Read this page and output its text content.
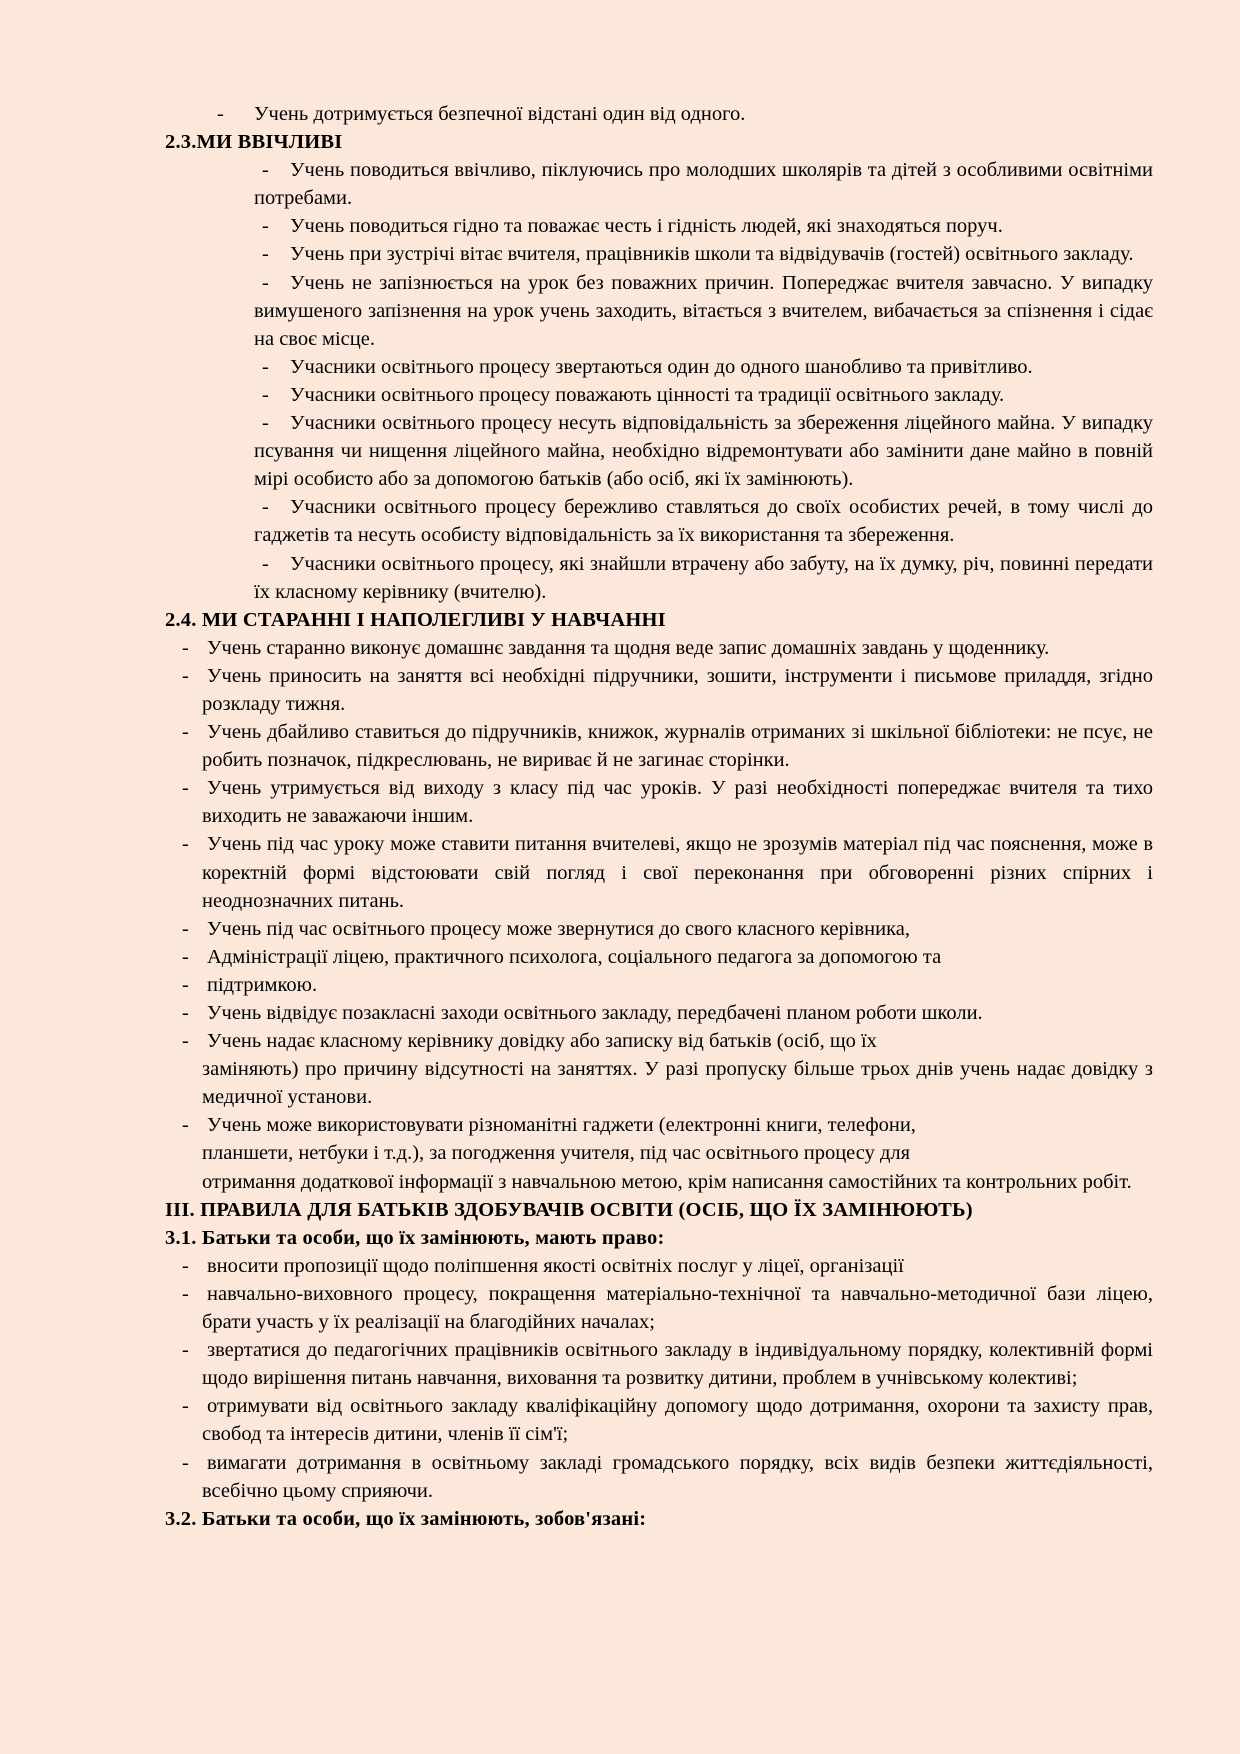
- Учень дотримується безпечної відстані один від одного.

2.3.МИ ВВІЧЛИВІ
-	Учень поводиться ввічливо, піклуючись про молодших школярів та дітей з особливими освітніми потребами.

-	Учень поводиться гідно та поважає честь і гідність людей, які знаходяться поруч.

-	Учень при зустрічі вітає вчителя, працівників школи та відвідувачів (гостей) освітнього закладу.

-	Учень не запізнюється на урок без поважних причин. Попереджає вчителя завчасно. У випадку вимушеного запізнення на урок учень заходить, вітається з вчителем, вибачається за спізнення і сідає на своє місце.

-	Учасники освітнього процесу звертаються один до одного шанобливо та привітливо.

-	Учасники освітнього процесу поважають цінності та традиції освітнього закладу.

-	Учасники освітнього процесу несуть відповідальність за збереження ліцейного майна. У випадку псування чи нищення ліцейного майна, необхідно відремонтувати або замінити дане майно в повній мірі особисто або за допомогою батьків (або осіб, які їх замінюють).

-	Учасники освітнього процесу бережливо ставляться до своїх особистих речей, в тому числі до гаджетів та несуть особисту відповідальність за їх використання та збереження.

-	Учасники освітнього процесу, які знайшли втрачену або забуту, на їх думку, річ, повинні передати їх класному керівнику (вчителю).

2.4. МИ СТАРАННІ І НАПОЛЕГЛИВІ У НАВЧАННІ
- Учень старанно виконує домашнє завдання та щодня веде запис домашніх завдань у щоденнику.

- Учень приносить на заняття всі необхідні підручники, зошити, інструменти і письмове приладдя, згідно розкладу тижня.

- Учень дбайливо ставиться до підручників, книжок, журналів отриманих зі шкільної бібліотеки: не псує, не робить позначок, підкреслювань, не вириває й не загинає сторінки.

- Учень утримується від виходу з класу під час уроків. У разі необхідності попереджає вчителя та тихо виходить не заважаючи іншим.

- Учень під час уроку може ставити питання вчителеві, якщо не зрозумів матеріал під час пояснення, може в коректній формі відстоювати свій погляд і свої переконання при обговоренні різних спірних і неоднозначних питань.

- Учень під час освітнього процесу може звернутися до свого класного керівника,

- Адміністрації ліцею, практичного психолога, соціального педагога за допомогою та

- підтримкою.

- Учень відвідує позакласні заходи освітнього закладу, передбачені планом роботи школи.

- Учень надає класному керівнику довідку або записку від батьків (осіб, що їх
заміняють) про причину відсутності на заняттях. У разі пропуску більше трьох днів учень надає довідку з медичної установи.

- Учень може використовувати різноманітні гаджети (електронні книги, телефони,
планшети, нетбуки і т.д.), за погодження учителя, під час освітнього процесу для
отримання додаткової інформації з навчальною метою, крім написання самостійних та контрольних робіт.

ІІІ. ПРАВИЛА ДЛЯ БАТЬКІВ ЗДОБУВАЧІВ ОСВІТИ (ОСІБ, ЩО ЇХ ЗАМІНЮЮТЬ)
3.1. Батьки та особи, що їх замінюють, мають право:
- вносити пропозиції щодо поліпшення якості освітніх послуг у ліцеї, організації

- навчально-виховного процесу, покращення матеріально-технічної та навчально-методичної бази ліцею, брати участь у їх реалізації на благодійних началах;

- звертатися до педагогічних працівників освітнього закладу в індивідуальному порядку, колективній формі щодо вирішення питань навчання, виховання та розвитку дитини, проблем в учнівському колективі;

- отримувати від освітнього закладу кваліфікаційну допомогу щодо дотримання, охорони та захисту прав, свобод та інтересів дитини, членів її сім'ї;

- вимагати дотримання в освітньому закладі громадського порядку, всіх видів безпеки життєдіяльності, всебічно цьому сприяючи.

3.2. Батьки та особи, що їх замінюють, зобов'язані:
